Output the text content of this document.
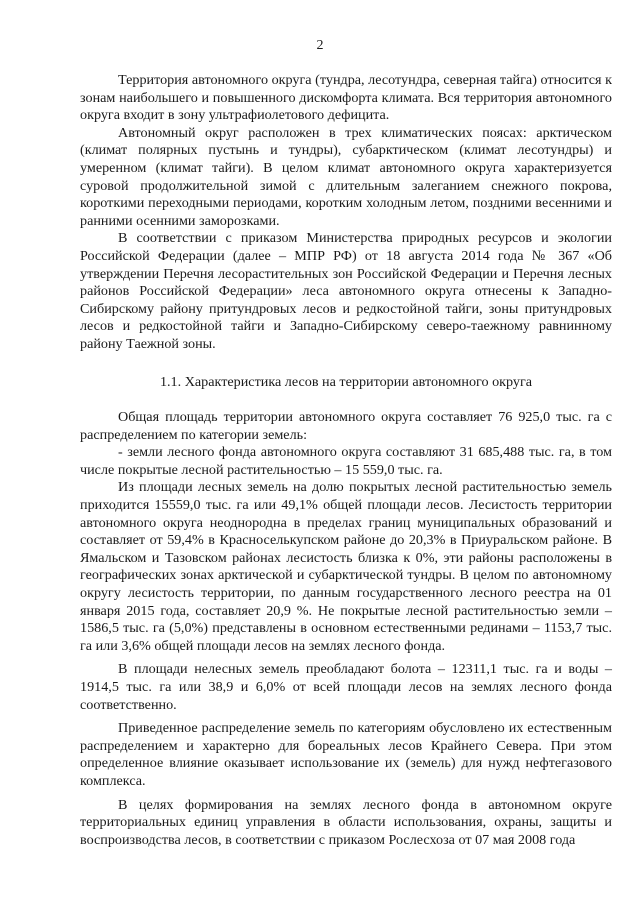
2

Территория автономного округа (тундра, лесотундра, северная тайга) относится к зонам наибольшего и повышенного дискомфорта климата. Вся территория автономного округа входит в зону ультрафиолетового дефицита.

Автономный округ расположен в трех климатических поясах: арктическом (климат полярных пустынь и тундры), субарктическом (климат лесотундры) и умеренном (климат тайги). В целом климат автономного округа характеризуется суровой продолжительной зимой с длительным залеганием снежного покрова, короткими переходными периодами, коротким холодным летом, поздними весенними и ранними осенними заморозками.

В соответствии с приказом Министерства природных ресурсов и экологии Российской Федерации (далее – МПР РФ) от 18 августа 2014 года № 367 «Об утверждении Перечня лесорастительных зон Российской Федерации и Перечня лесных районов Российской Федерации» леса автономного округа отнесены к Западно-Сибирскому району притундровых лесов и редкостойной тайги, зоны притундровых лесов и редкостойной тайги и Западно-Сибирскому северо-таежному равнинному району Таежной зоны.

1.1. Характеристика лесов на территории автономного округа

Общая площадь территории автономного округа составляет 76 925,0 тыс. га с распределением по категории земель:

- земли лесного фонда автономного округа составляют 31 685,488 тыс. га, в том числе покрытые лесной растительностью – 15 559,0 тыс. га.

Из площади лесных земель на долю покрытых лесной растительностью земель приходится 15559,0 тыс. га или 49,1% общей площади лесов. Лесистость территории автономного округа неоднородна в пределах границ муниципальных образований и составляет от 59,4% в Красноселькупском районе до 20,3% в Приуральском районе. В Ямальском и Тазовском районах лесистость близка к 0%, эти районы расположены в географических зонах арктической и субарктической тундры. В целом по автономному округу лесистость территории, по данным государственного лесного реестра на 01 января 2015 года, составляет 20,9 %. Не покрытые лесной растительностью земли – 1586,5 тыс. га (5,0%) представлены в основном естественными рединами – 1153,7 тыс. га или 3,6% общей площади лесов на землях лесного фонда.

В площади нелесных земель преобладают болота – 12311,1 тыс. га и воды – 1914,5 тыс. га или 38,9 и 6,0% от всей площади лесов на землях лесного фонда соответственно.

Приведенное распределение земель по категориям обусловлено их естественным распределением и характерно для бореальных лесов Крайнего Севера. При этом определенное влияние оказывает использование их (земель) для нужд нефтегазового комплекса.

В целях формирования на землях лесного фонда в автономном округе территориальных единиц управления в области использования, охраны, защиты и воспроизводства лесов, в соответствии с приказом Рослесхоза от 07 мая 2008 года
